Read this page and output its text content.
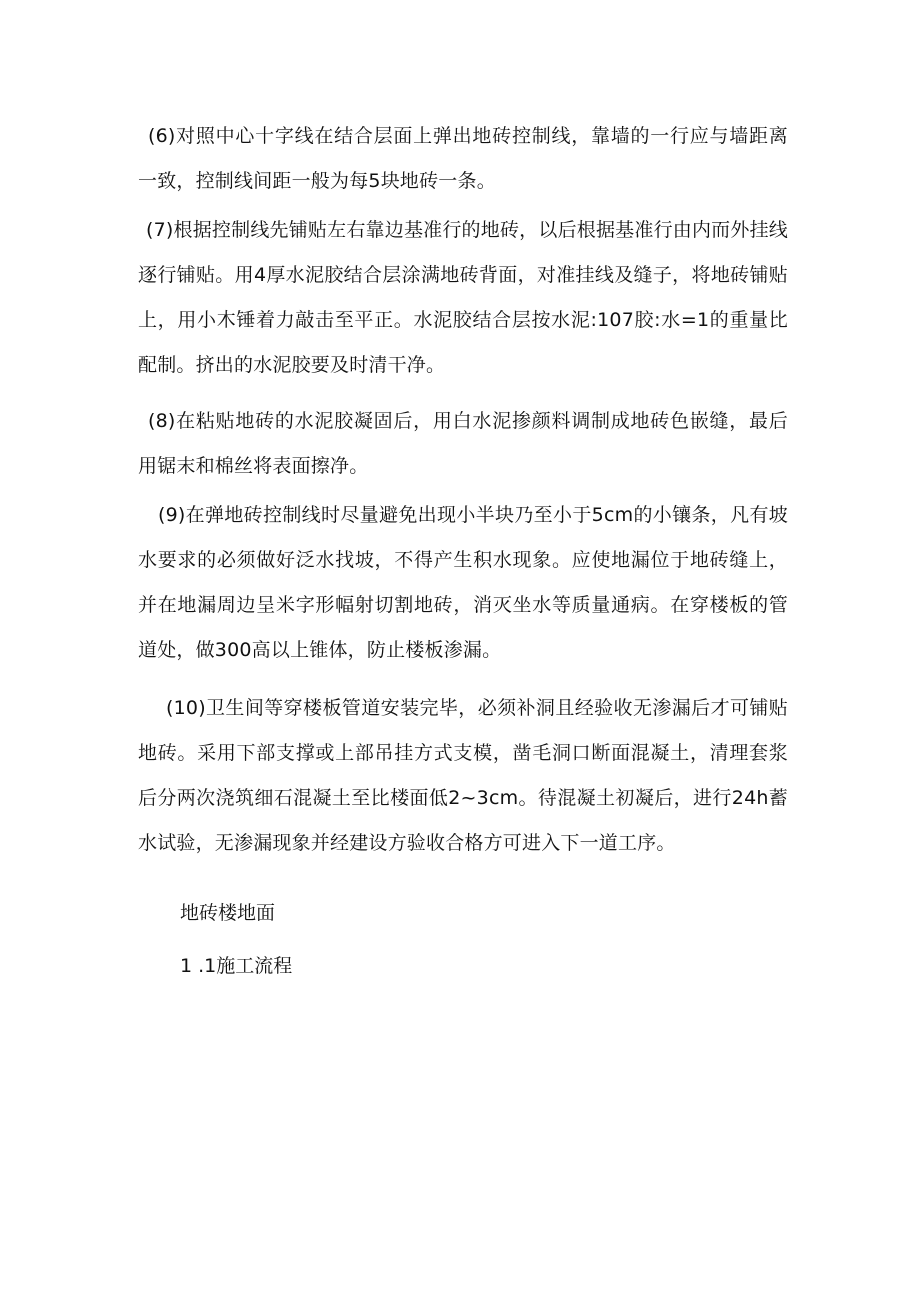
(6)对照中心十字线在结合层面上弹出地砖控制线，靠墙的一行应与墙距离一致，控制线间距一般为每5块地砖一条。

(7)根据控制线先铺贴左右靠边基准行的地砖，以后根据基准行由内而外挂线逐行铺贴。用4厚水泥胶结合层涂满地砖背面，对准挂线及缝子，将地砖铺贴上，用小木锤着力敲击至平正。水泥胶结合层按水泥:107胶:水=1的重量比配制。挤出的水泥胶要及时清干净。

(8)在粘贴地砖的水泥胶凝固后，用白水泥掺颜料调制成地砖色嵌缝，最后用锯末和棉丝将表面擦净。

(9)在弹地砖控制线时尽量避免出现小半块乃至小于5cm的小镶条，凡有坡水要求的必须做好泛水找坡，不得产生积水现象。应使地漏位于地砖缝上，并在地漏周边呈米字形幅射切割地砖，消灭坐水等质量通病。在穿楼板的管道处，做300高以上锥体，防止楼板渗漏。

(10)卫生间等穿楼板管道安装完毕，必须补洞且经验收无渗漏后才可铺贴地砖。采用下部支撑或上部吊挂方式支模，凿毛洞口断面混凝土，清理套浆后分两次浇筑细石混凝土至比楼面低2~3cm。待混凝土初凝后，进行24h蓄水试验，无渗漏现象并经建设方验收合格方可进入下一道工序。

地砖楼地面

1 .1施工流程
